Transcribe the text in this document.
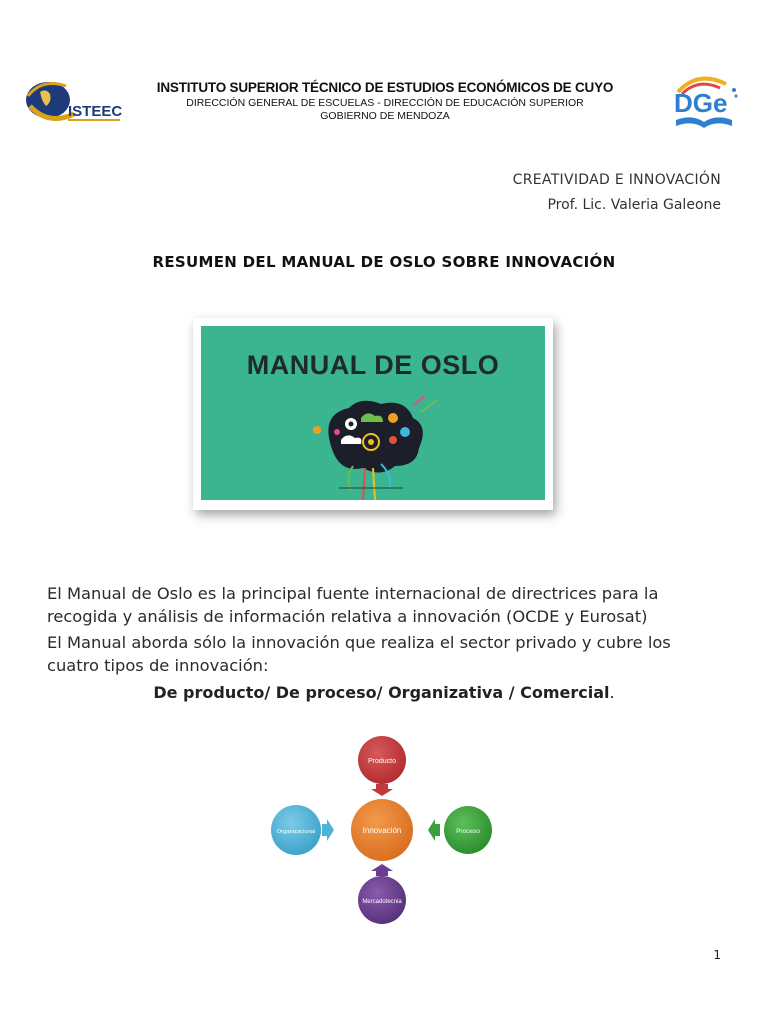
ISTEEC
INSTITUTO SUPERIOR TÉCNICO DE ESTUDIOS ECONÓMICOS DE CUYO
DIRECCIÓN GENERAL DE ESCUELAS - DIRECCIÓN DE EDUCACIÓN SUPERIOR
GOBIERNO DE MENDOZA	DGe
CREATIVIDAD E INNOVACIÓN
Prof. Lic. Valeria Galeone
RESUMEN DEL MANUAL DE OSLO SOBRE INNOVACIÓN
MANUAL DE OSLO
El Manual de Oslo es la principal fuente internacional de directrices para la recogida y análisis de información relativa a innovación (OCDE y Eurosat)
El Manual aborda sólo la innovación que realiza el sector privado y cubre los cuatro tipos de innovación:
De producto/ De proceso/ Organizativa / Comercial.
Producto
Proceso
Mercadotecnia
Organizacional	Innovación
1
